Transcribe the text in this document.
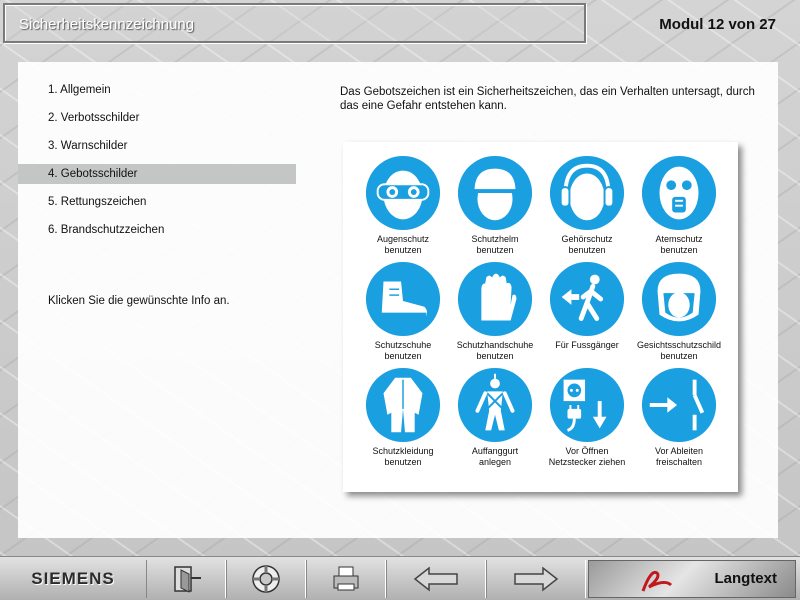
Sicherheitskennzeichnung	Modul 12 von 27
1. Allgemein
2. Verbotsschilder
3. Warnschilder
4. Gebotsschilder
5. Rettungszeichen
6. Brandschutzzeichen
Klicken Sie die gewünschte Info an.
Das Gebotszeichen ist ein Sicherheitszeichen, das ein Verhalten untersagt, durch das eine Gefahr entstehen kann.
Augenschutz
benutzen
Schutzhelm
benutzen
Gehörschutz
benutzen
Atemschutz
benutzen
Schutzschuhe
benutzen
Schutzhandschuhe
benutzen
Für Fussgänger Gesichtsschutzschild
benutzen
Schutzkleidung
benutzen
Auffanggurt
anlegen
Vor Öffnen
Netzstecker ziehen
Vor Ableiten
freischalten
SIEMENS	Langtext
